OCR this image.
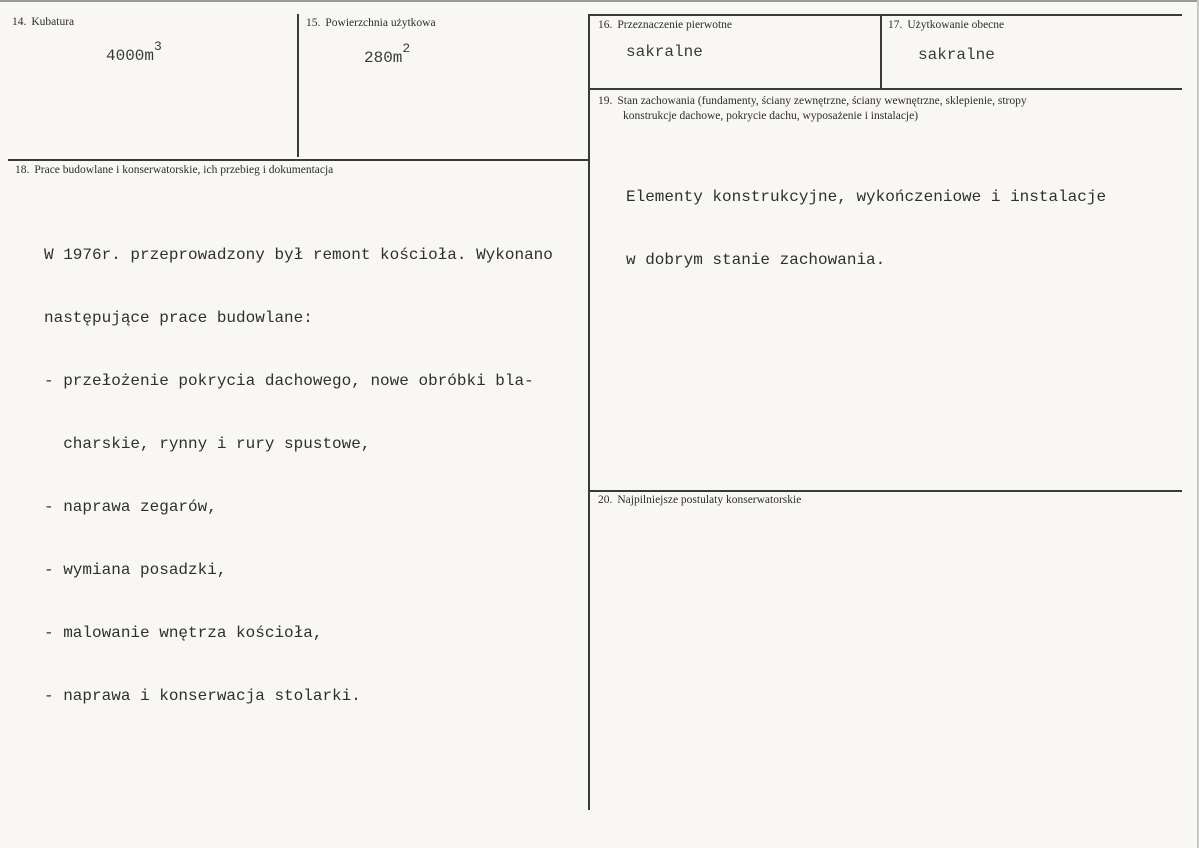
14. Kubatura
$4000m^3$
15. Powierzchnia użytkowa
$280m^2$
16. Przeznaczenie pierwotne
sakralne
17. Użytkowanie obecne
sakralne
18. Prace budowlane i konserwatorskie, ich przebieg i dokumentacja

W 1976r. przeprowadzony był remont kościoła. Wykonano

następujące prace budowlane:

- przełożenie pokrycia dachowego, nowe obróbki bla-

charskie, rynny i rury spustowe,

- naprawa zegarów,

- wymiana posadzki,

- malowanie wnętrza kościoła,

- naprawa i konserwacja stolarki.

19. Stan zachowania (fundamenty, ściany zewnętrzne, ściany wewnętrzne, sklepienie, stropy
konstrukcje dachowe, pokrycie dachu, wyposażenie i instalacje)

Elementy konstrukcyjne, wykończeniowe i instalacje

w dobrym stanie zachowania.

20. Najpilniejsze postulaty konserwatorskie
